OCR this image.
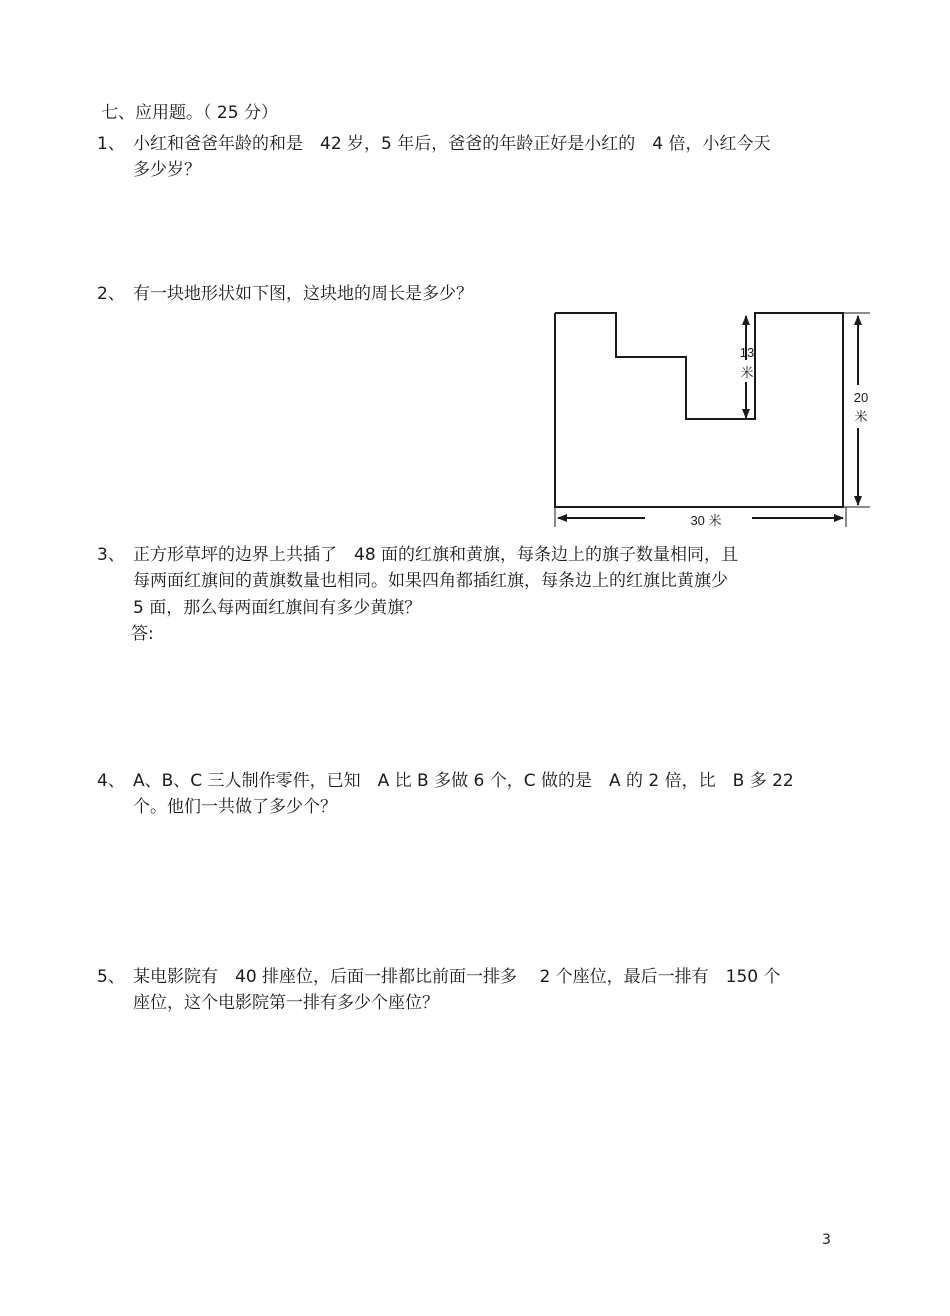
七、应用题。（ 25 分）
1、 小红和爸爸年龄的和是　42 岁，5 年后，爸爸的年龄正好是小红的　4 倍，小红今天
多少岁？
2、 有一块地形状如下图，这块地的周长是多少？
13
米
20
米
30 米
3、 正方形草坪的边界上共插了　48 面的红旗和黄旗，每条边上的旗子数量相同，且
每两面红旗间的黄旗数量也相同。如果四角都插红旗，每条边上的红旗比黄旗少
5 面，那么每两面红旗间有多少黄旗？
答:
4、 A、B、C 三人制作零件，已知　A 比 B 多做 6 个，C 做的是　A 的 2 倍，比　B 多 22
个。他们一共做了多少个？
5、 某电影院有　40 排座位，后面一排都比前面一排多　 2 个座位，最后一排有　150 个
座位，这个电影院第一排有多少个座位？
3
